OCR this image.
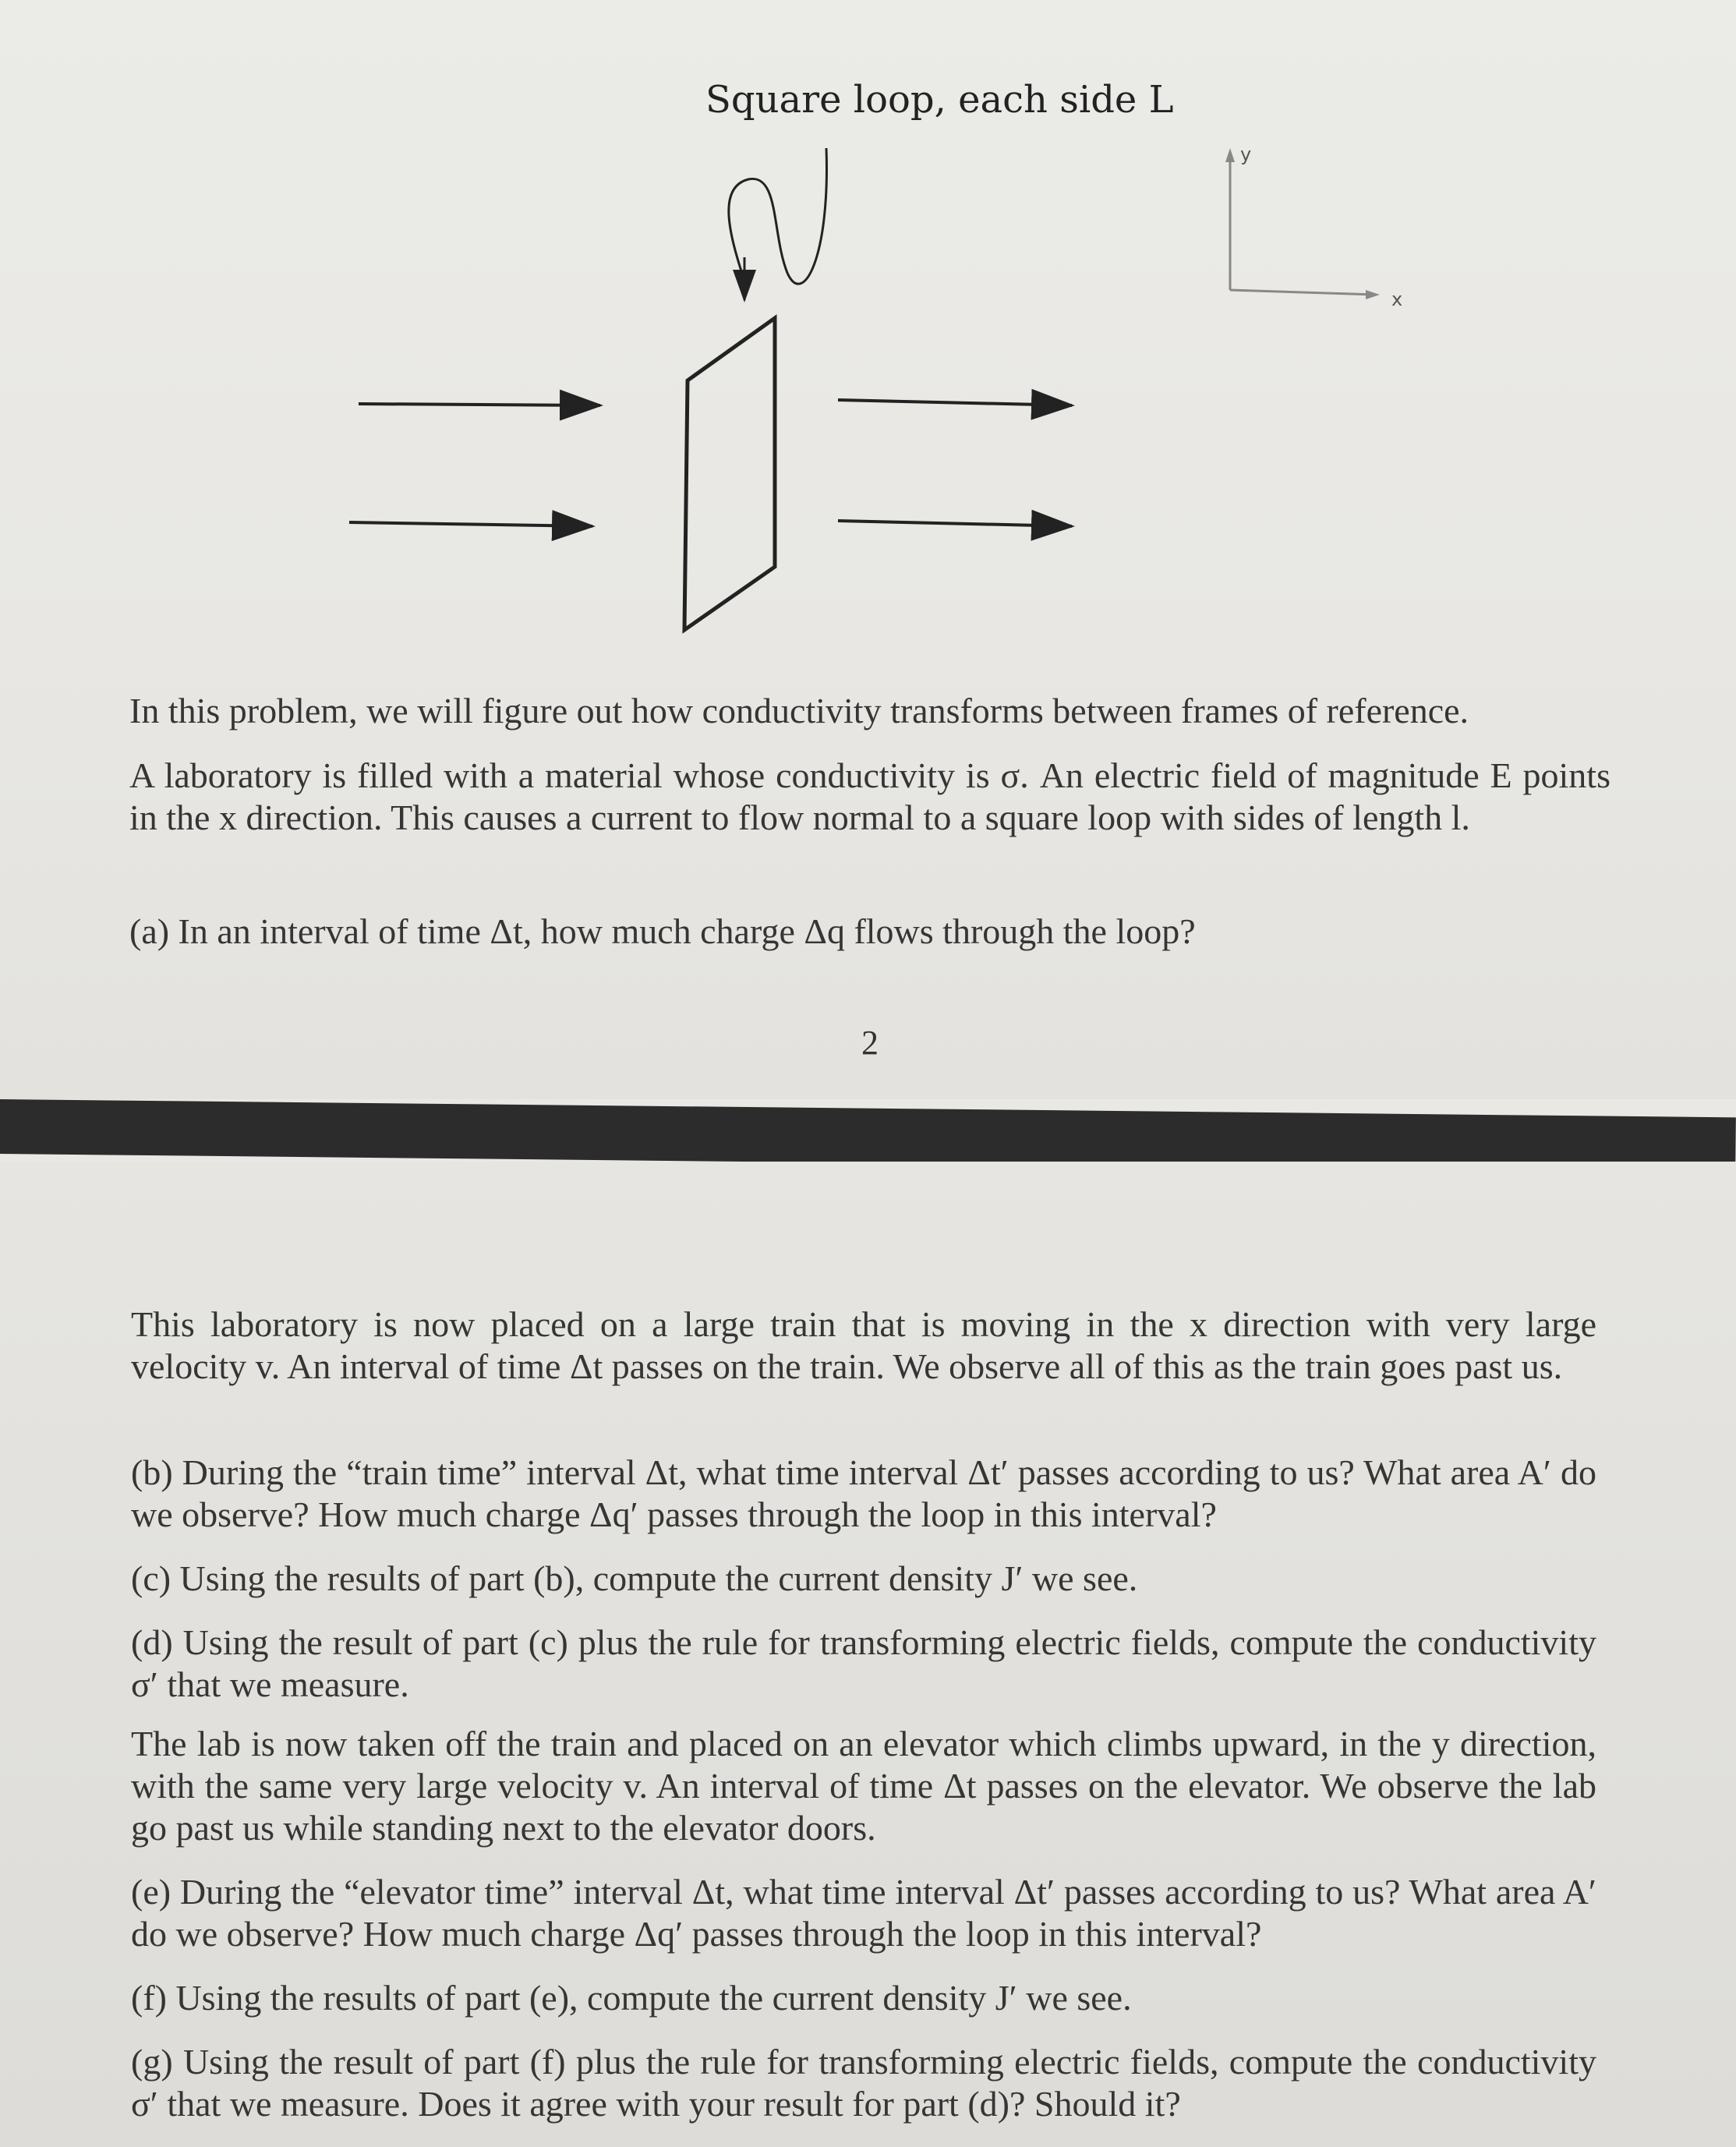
Square loop, each side L
y
x
In this problem, we will figure out how conductivity transforms between frames of reference.
A laboratory is filled with a material whose conductivity is σ. An electric field of magnitude E points in the x direction. This causes a current to flow normal to a square loop with sides of length l.
(a) In an interval of time Δt, how much charge Δq flows through the loop?
2
This laboratory is now placed on a large train that is moving in the x direction with very large velocity v. An interval of time Δt passes on the train. We observe all of this as the train goes past us.
(b) During the “train time” interval Δt, what time interval Δt′ passes according to us? What area A′ do we observe? How much charge Δq′ passes through the loop in this interval?
(c) Using the results of part (b), compute the current density J′ we see.
(d) Using the result of part (c) plus the rule for transforming electric fields, compute the conductivity σ′ that we measure.
The lab is now taken off the train and placed on an elevator which climbs upward, in the y direction, with the same very large velocity v. An interval of time Δt passes on the elevator. We observe the lab go past us while standing next to the elevator doors.
(e) During the “elevator time” interval Δt, what time interval Δt′ passes according to us? What area A′ do we observe? How much charge Δq′ passes through the loop in this interval?
(f) Using the results of part (e), compute the current density J′ we see.
(g) Using the result of part (f) plus the rule for transforming electric fields, compute the conductivity σ′ that we measure. Does it agree with your result for part (d)? Should it?
